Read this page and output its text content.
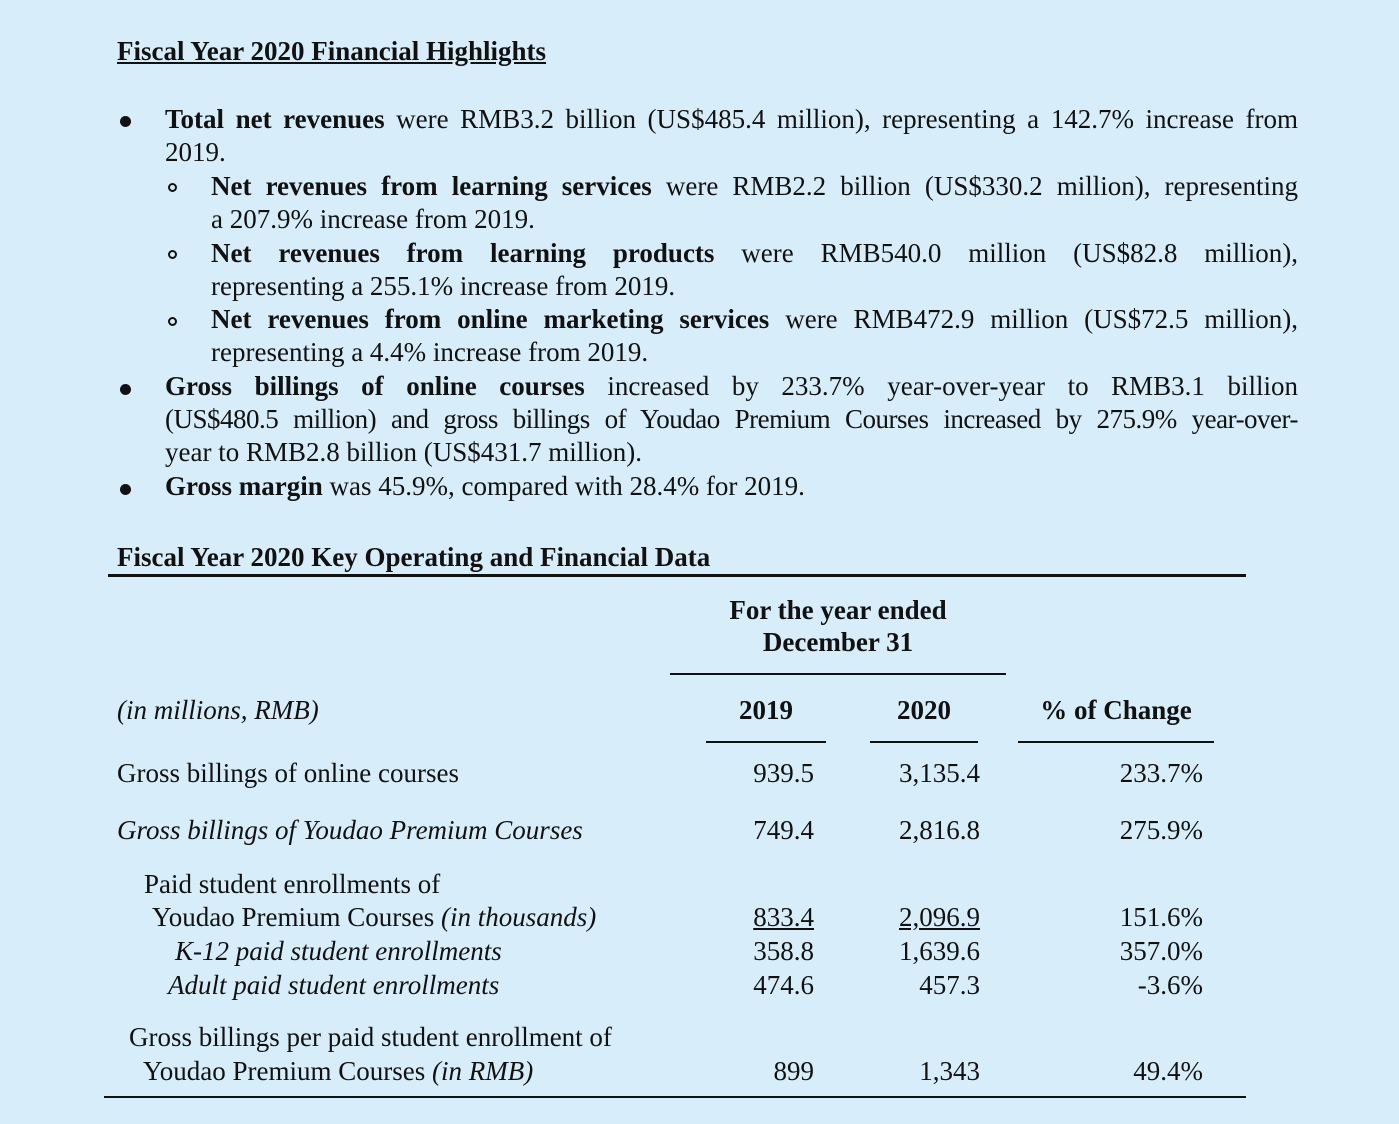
Fiscal Year 2020 Financial Highlights
Total net revenues were RMB3.2 billion (US$485.4 million), representing a 142.7% increase from
2019.
Net revenues from learning services were RMB2.2 billion (US$330.2 million), representing
a 207.9% increase from 2019.
Net revenues from learning products were RMB540.0 million (US$82.8 million),
representing a 255.1% increase from 2019.
Net revenues from online marketing services were RMB472.9 million (US$72.5 million),
representing a 4.4% increase from 2019.
Gross billings of online courses increased by 233.7% year-over-year to RMB3.1 billion
(US$480.5 million) and gross billings of Youdao Premium Courses increased by 275.9% year-over-
year to RMB2.8 billion (US$431.7 million).
Gross margin was 45.9%, compared with 28.4% for 2019.
Fiscal Year 2020 Key Operating and Financial Data
For the year ended
December 31
(in millions, RMB)	2019	2020	% of Change
Gross billings of online courses	939.5	3,135.4	233.7%
Gross billings of Youdao Premium Courses	749.4	2,816.8	275.9%
Paid student enrollments of
Youdao Premium Courses (in thousands)	833.4	2,096.9	151.6%
K-12 paid student enrollments	358.8	1,639.6	357.0%
Adult paid student enrollments	474.6	457.3	-3.6%
Gross billings per paid student enrollment of
Youdao Premium Courses (in RMB)	899	1,343	49.4%
